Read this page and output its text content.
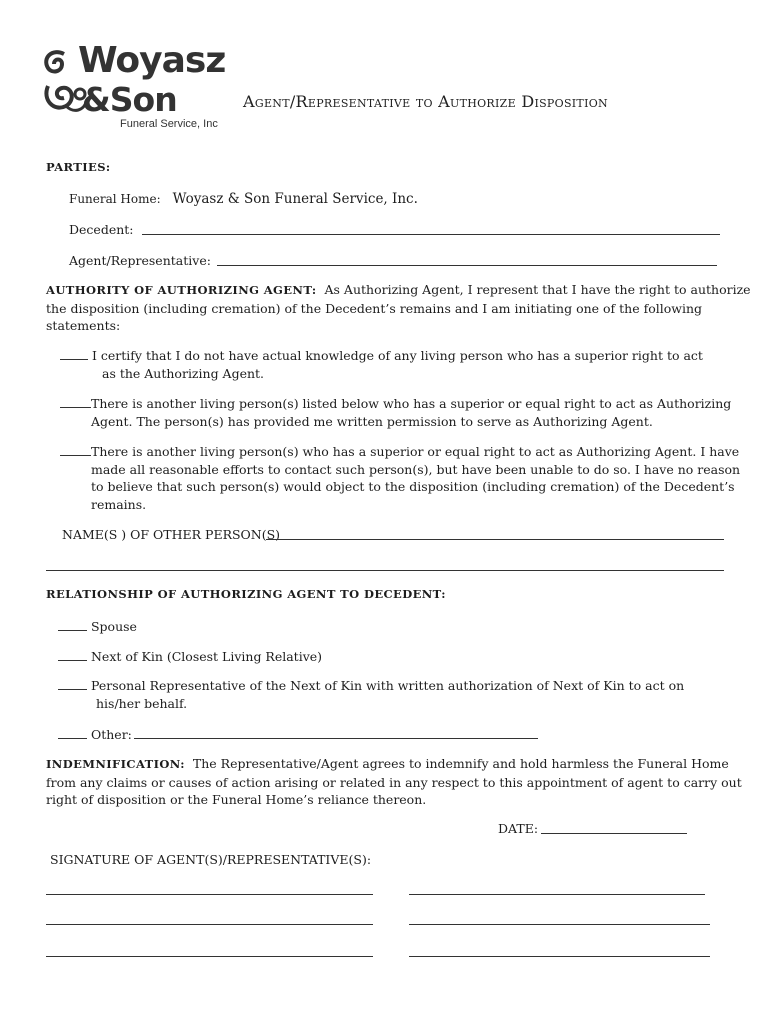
Woyasz
&Son
Funeral Service, Inc
Agent/Representative to Authorize Disposition
PARTIES:
Funeral Home: Woyasz & Son Funeral Service, Inc.
Decedent:
Agent/Representative:
AUTHORITY OF AUTHORIZING AGENT: As Authorizing Agent, I represent that I have the right to authorize
the disposition (including cremation) of the Decedent’s remains and I am initiating one of the following
statements:
I certify that I do not have actual knowledge of any living person who has a superior right to act
as the Authorizing Agent.
There is another living person(s) listed below who has a superior or equal right to act as Authorizing
Agent. The person(s) has provided me written permission to serve as Authorizing Agent.
There is another living person(s) who has a superior or equal right to act as Authorizing Agent. I have
made all reasonable efforts to contact such person(s), but have been unable to do so. I have no reason
to believe that such person(s) would object to the disposition (including cremation) of the Decedent’s
remains.
NAME(S ) OF OTHER PERSON(S)
RELATIONSHIP OF AUTHORIZING AGENT TO DECEDENT:
Spouse
Next of Kin (Closest Living Relative)
Personal Representative of the Next of Kin with written authorization of Next of Kin to act on
his/her behalf.
Other:
INDEMNIFICATION: The Representative/Agent agrees to indemnify and hold harmless the Funeral Home
from any claims or causes of action arising or related in any respect to this appointment of agent to carry out
right of disposition or the Funeral Home’s reliance thereon.
DATE:
SIGNATURE OF AGENT(S)/REPRESENTATIVE(S):
